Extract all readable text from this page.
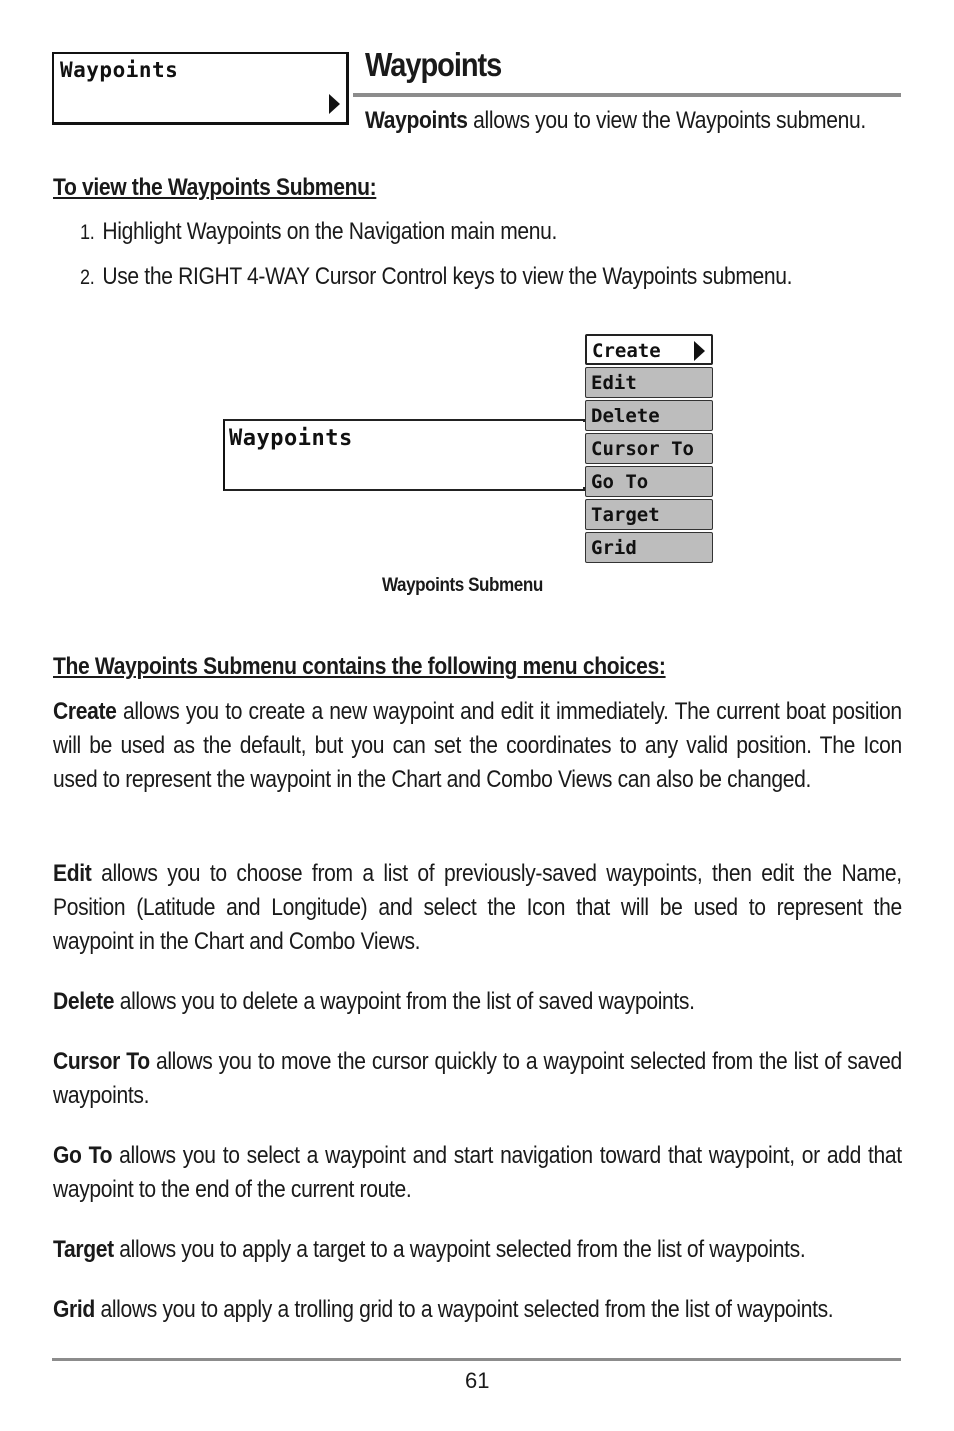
Waypoints	Waypoints
Waypoints allows you to view the Waypoints submenu.
To view the Waypoints Submenu:
1. Highlight Waypoints on the Navigation main menu.
2. Use the RIGHT 4-WAY Cursor Control keys to view the Waypoints submenu.
Waypoints
Create
Edit
Delete
Cursor To
Go To
Target
Grid
Waypoints Submenu
The Waypoints Submenu contains the following menu choices:
Create allows you to create a new waypoint and edit it immediately. The current boat position will be used as the default, but you can set the coordinates to any valid position. The Icon used to represent the waypoint in the Chart and Combo Views can also be changed.
Edit allows you to choose from a list of previously-saved waypoints, then edit the Name, Position (Latitude and Longitude) and select the Icon that will be used to represent the waypoint in the Chart and Combo Views.
Delete allows you to delete a waypoint from the list of saved waypoints.
Cursor To allows you to move the cursor quickly to a waypoint selected from the list of saved waypoints.
Go To allows you to select a waypoint and start navigation toward that waypoint, or add that waypoint to the end of the current route.
Target allows you to apply a target to a waypoint selected from the list of waypoints.
Grid allows you to apply a trolling grid to a waypoint selected from the list of waypoints.
61
